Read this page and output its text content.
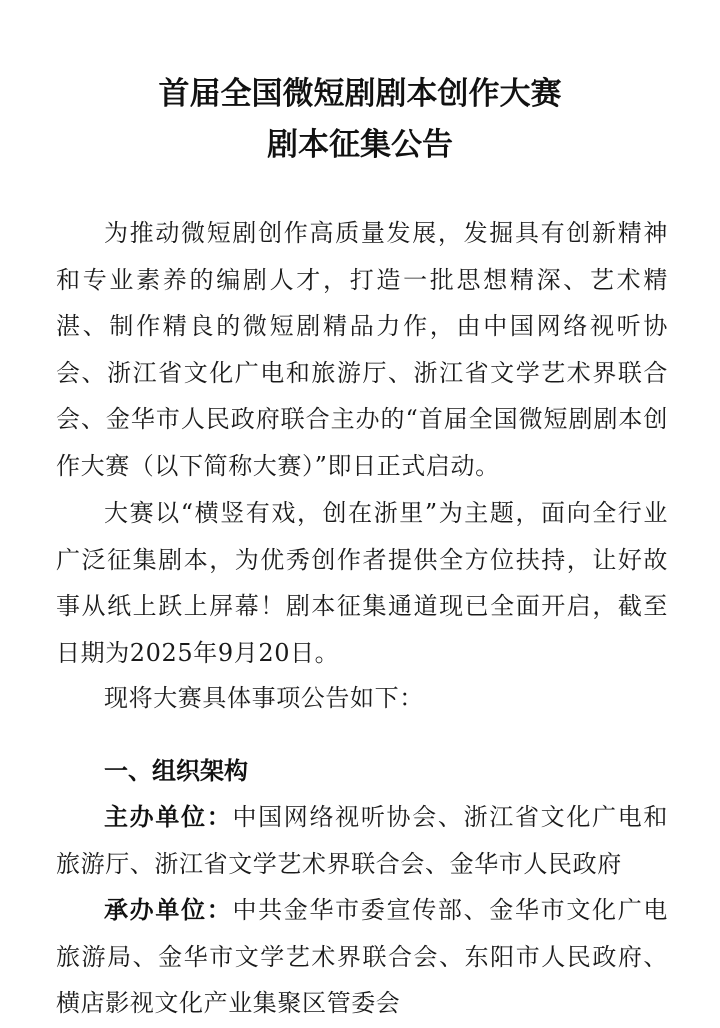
首届全国微短剧剧本创作大赛
剧本征集公告

为推动微短剧创作高质量发展，发掘具有创新精神和专业素养的编剧人才，打造一批思想精深、艺术精湛、制作精良的微短剧精品力作，由中国网络视听协会、浙江省文化广电和旅游厅、浙江省文学艺术界联合会、金华市人民政府联合主办的“首届全国微短剧剧本创作大赛（以下简称大赛）”即日正式启动。

大赛以“横竖有戏，创在浙里”为主题，面向全行业广泛征集剧本，为优秀创作者提供全方位扶持，让好故事从纸上跃上屏幕！剧本征集通道现已全面开启，截至日期为2025年9月20日。

现将大赛具体事项公告如下：

一、组织架构

主办单位：中国网络视听协会、浙江省文化广电和旅游厅、浙江省文学艺术界联合会、金华市人民政府

承办单位：中共金华市委宣传部、金华市文化广电旅游局、金华市文学艺术界联合会、东阳市人民政府、横店影视文化产业集聚区管委会
